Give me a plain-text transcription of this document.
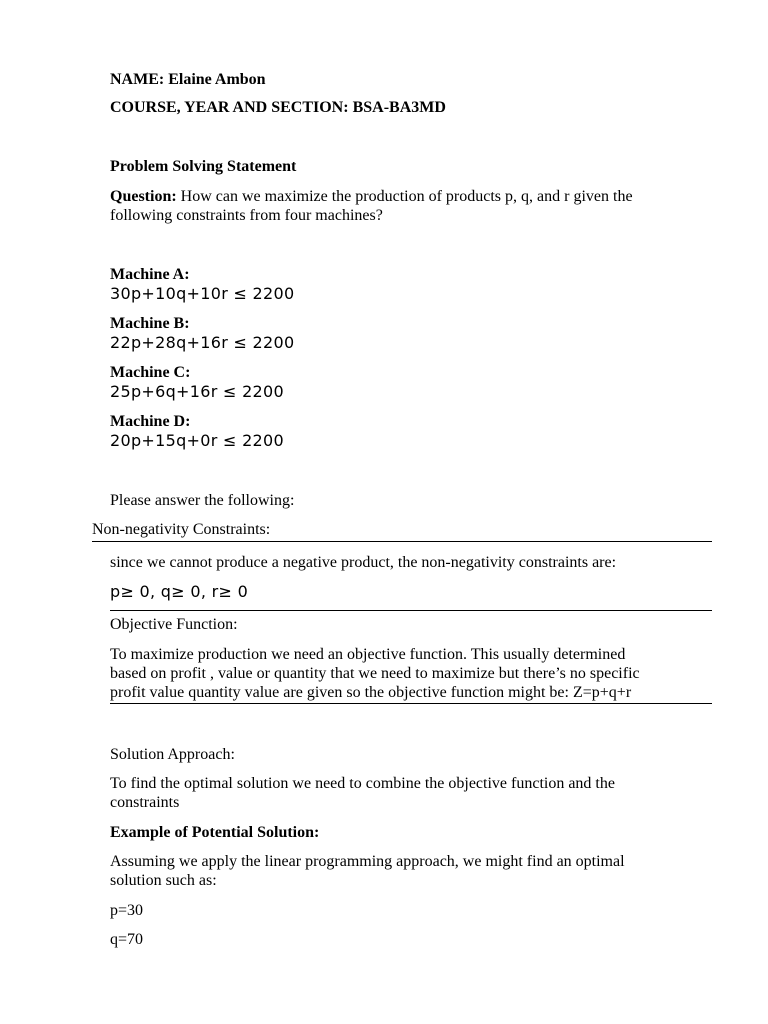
NAME: Elaine Ambon
COURSE, YEAR AND SECTION: BSA-BA3MD
Problem Solving Statement
Question: How can we maximize the production of products p, q, and r given the
following constraints from four machines?
Machine A:
30p+10q+10r ≤ 2200
Machine B:
22p+28q+16r ≤ 2200
Machine C:
25p+6q+16r ≤ 2200
Machine D:
20p+15q+0r ≤ 2200
Please answer the following:
Non-negativity Constraints:
since we cannot produce a negative product, the non-negativity constraints are:
p≥ 0, q≥ 0, r≥ 0
Objective Function:
To maximize production we need an objective function. This usually determined
based on profit , value or quantity that we need to maximize but there’s no specific
profit value quantity value are given so the objective function might be: Z=p+q+r
Solution Approach:
To find the optimal solution we need to combine the objective function and the
constraints
Example of Potential Solution:
Assuming we apply the linear programming approach, we might find an optimal
solution such as:
p=30
q=70
